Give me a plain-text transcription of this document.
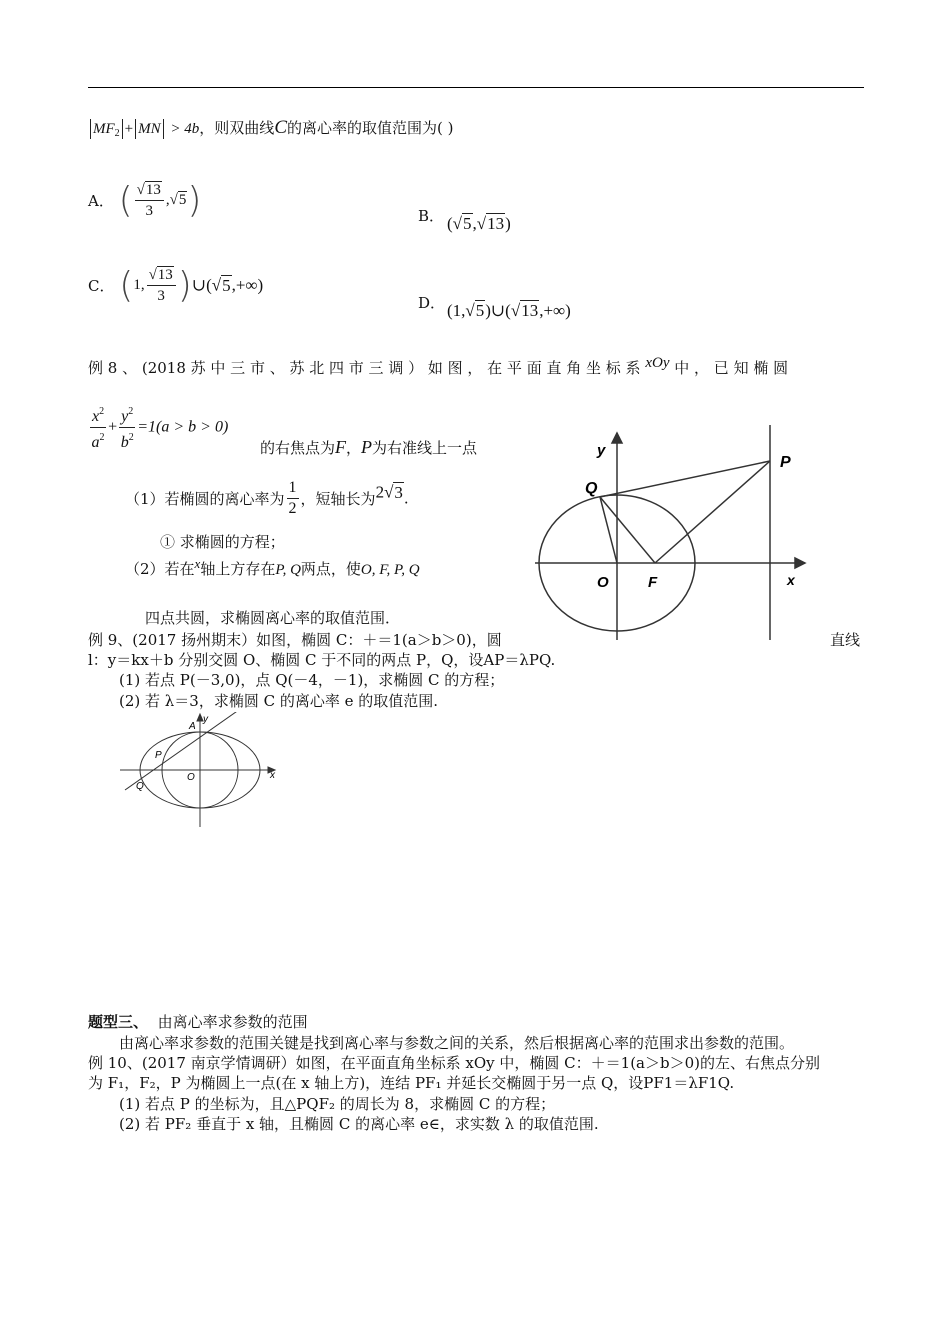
$MF_2$ + MN > 4b，则双曲线C的离心率的取值范围为( )
A． ( $\frac{√13}{3} ,√5$)	B． (√5,√13)
C． (1, $\frac{√13}{3}$ )∪(√5,+∞)
D． (1,√5)∪(√13,+∞)
例 8 、 (2018 苏 中 三 市 、 苏 北 四 市 三 调 ） 如 图 ， 在 平 面 直 角 坐 标 系 xOy 中 ， 已 知 椭 圆
$\frac{x^2}{a^2} + \frac{y^2}{b^2} =1(a > b > 0)$
的右焦点为F，P为右准线上一点
（1）若椭圆的离心率为 $\frac{1}{2}$ ，短轴长为2√3.
① 求椭圆的方程；
（2）若在x轴上方存在P, Q两点，使O, F, P, Q
四点共圆，求椭圆离心率的取值范围．
y
Q
P
O	F	x
例 9、(2017 扬州期末）如图，椭圆 C：＋＝1(a＞b＞0)，圆	直线
l：y＝kx＋b 分别交圆 O、椭圆 C 于不同的两点 P，Q，设AP＝λPQ.
(1) 若点 P(－3,0)，点 Q(－4，－1)，求椭圆 C 的方程；
(2) 若 λ＝3，求椭圆 C 的离心率 e 的取值范围.
A
y
P
O	x
Q
题型三、 由离心率求参数的范围
由离心率求参数的范围关键是找到离心率与参数之间的关系，然后根据离心率的范围求出参数的范围。
例 10、(2017 南京学情调研）如图，在平面直角坐标系 xOy 中，椭圆 C：＋＝1(a＞b＞0)的左、右焦点分别
为 F₁，F₂，P 为椭圆上一点(在 x 轴上方)，连结 PF₁ 并延长交椭圆于另一点 Q，设PF1＝λF1Q.
(1) 若点 P 的坐标为，且△PQF₂ 的周长为 8，求椭圆 C 的方程；
(2) 若 PF₂ 垂直于 x 轴，且椭圆 C 的离心率 e∈，求实数 λ 的取值范围.
